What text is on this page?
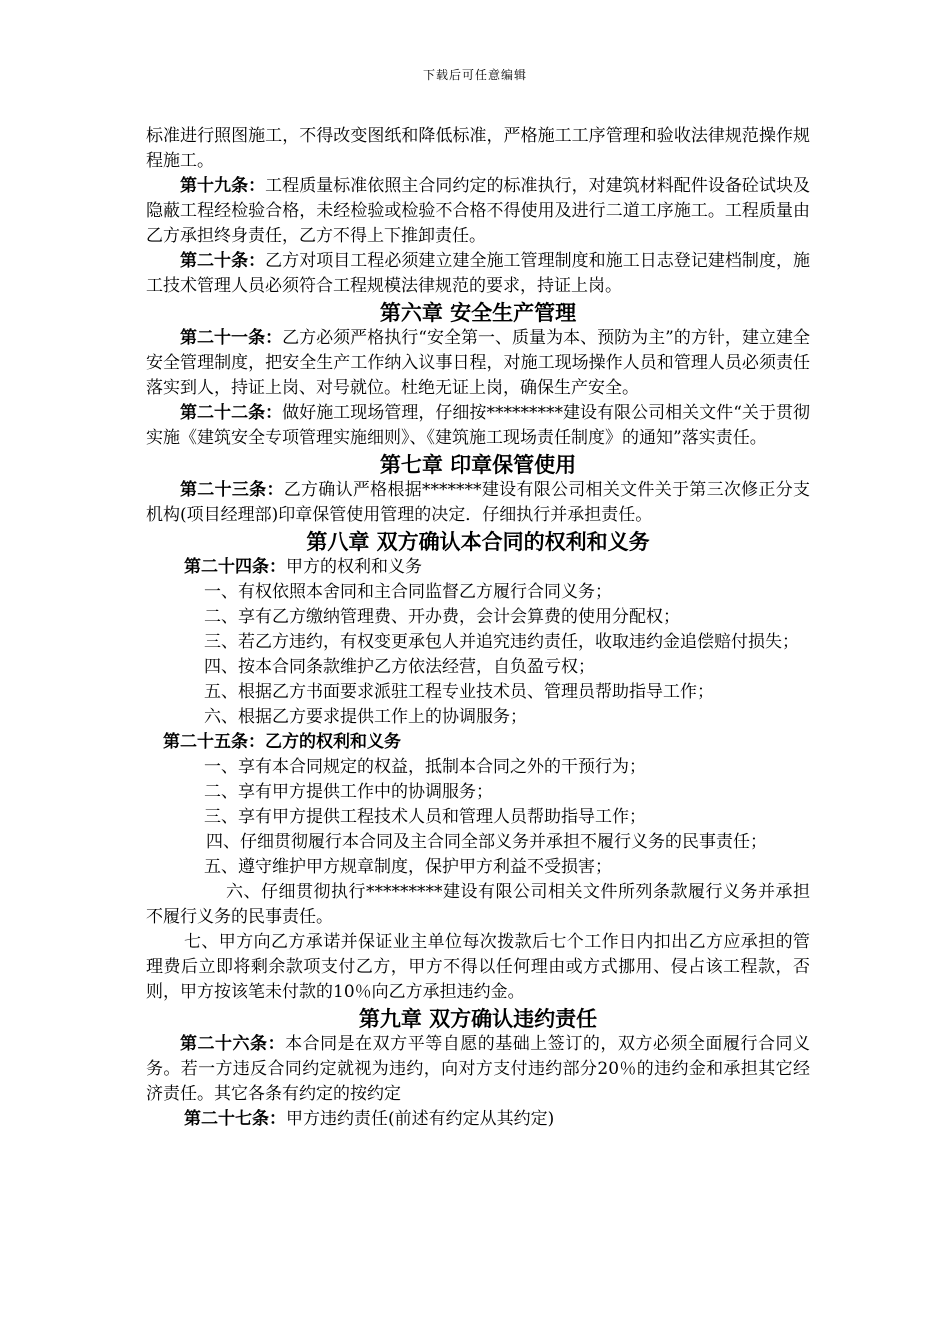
下载后可任意编辑

标准进行照图施工，不得改变图纸和降低标准，严格施工工序管理和验收法律规范操作规程施工。

第十九条：工程质量标准依照主合同约定的标准执行，对建筑材料配件设备砼试块及隐蔽工程经检验合格，未经检验或检验不合格不得使用及进行二道工序施工。工程质量由乙方承担终身责任，乙方不得上下推卸责任。

第二十条：乙方对项目工程必须建立建全施工管理制度和施工日志登记建档制度，施工技术管理人员必须符合工程规模法律规范的要求，持证上岗。

第六章 安全生产管理

第二十一条：乙方必须严格执行“安全第一、质量为本、预防为主”的方针，建立建全安全管理制度，把安全生产工作纳入议事日程，对施工现场操作人员和管理人员必须责任落实到人，持证上岗、对号就位。杜绝无证上岗，确保生产安全。

第二十二条：做好施工现场管理，仔细按*********建设有限公司相关文件“关于贯彻实施《建筑安全专项管理实施细则》、《建筑施工现场责任制度》的通知”落实责任。

第七章 印章保管使用

第二十三条：乙方确认严格根据*******建设有限公司相关文件关于第三次修正分支机构(项目经理部)印章保管使用管理的决定．仔细执行并承担责任。

第八章 双方确认本合同的权利和义务

第二十四条：甲方的权利和义务

一、有权依照本舍同和主合同监督乙方履行合同义务；

二、享有乙方缴纳管理费、开办费，会计会算费的使用分配权；

三、若乙方违约，有权变更承包人并追究违约责任，收取违约金追偿赔付损失；

四、按本合同条款维护乙方依法经营，自负盈亏权；

五、根据乙方书面要求派驻工程专业技术员、管理员帮助指导工作；

六、根据乙方要求提供工作上的协调服务；

第二十五条：乙方的权利和义务

一、享有本合同规定的权益，抵制本合同之外的干预行为；

二、享有甲方提供工作中的协调服务；

三、享有甲方提供工程技术人员和管理人员帮助指导工作；

四、仔细贯彻履行本合同及主合同全部义务并承担不履行义务的民事责任；

五、遵守维护甲方规章制度，保护甲方利益不受损害；

六、仔细贯彻执行*********建设有限公司相关文件所列条款履行义务并承担不履行义务的民事责任。

七、甲方向乙方承诺并保证业主单位每次拨款后七个工作日内扣出乙方应承担的管理费后立即将剩余款项支付乙方，甲方不得以任何理由或方式挪用、侵占该工程款，否则，甲方按该笔未付款的10％向乙方承担违约金。

第九章 双方确认违约责任

第二十六条：本合同是在双方平等自愿的基础上签订的，双方必须全面履行合同义务。若一方违反合同约定就视为违约，向对方支付违约部分20％的违约金和承担其它经济责任。其它各条有约定的按约定

第二十七条：甲方违约责任(前述有约定从其约定)
